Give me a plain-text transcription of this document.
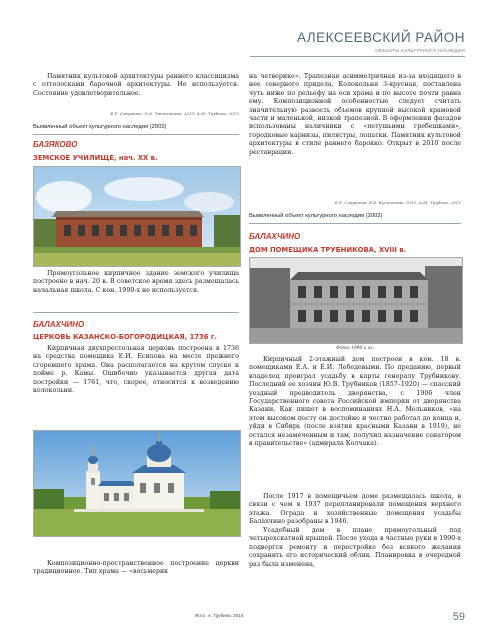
АЛЕКСЕЕВСКИЙ РАЙОН
ОБЪЕКТЫ КУЛЬТУРНОГО НАСЛЕДИЯ

Памятник культовой архитектуры раннего классицизма с отголосками барочной архитектуры. Не используется. Состояние удовлетворительное.

Е.Р. Смирнова, Э.О. Третьякова, 2015; А.М. Трубина, 2015
Выявленный объект культурного наследия (2002)
БАЗЯКОВО
ЗЕМСКОЕ УЧИЛИЩЕ, нач. XX в.

Прямоугольное кирпичное здание земского училища построено в нач. 20 в. В советское время здесь размещалась начальная школа. С кон. 1990-х не используется.

БАЛАХЧИНО
ЦЕРКОВЬ КАЗАНСКО-БОГОРОДИЦКАЯ, 1736 г.

Кирпичная двухпрестольная церковь построена в 1736 на средства помещика Е.И. Есипова на месте прежнего сгоревшего храма. Она располагается на крутом спуске к пойме р. Камы. Ошибочно указывается другая дата постройки — 1761, что, скорее, относится к возведению колокольни.

Композиционно-пространственное построение церкви традиционное. Тип храма — «восьмерик

на четверике». Трапезная асимметричная из-за входящего в нее северного придела. Колокольня 3-ярусная, поставлена чуть ниже по рельефу на оси храма и по высоте почти равна ему. Композиционной особенностью следует считать значительную разность объемов крупной высокой храмовой части и маленькой, низкой трапезной. В оформлении фасадов использованы наличники с «петушьими гребешками», городковые карнизы, пилястры, лопатки. Памятник культовой архитектуры в стиле раннего барокко. Открыт в 2010 после реставрации.

Е.Р. Смирнова, Е.Е. Кустинова, 2015; А.М. Трубина, 2015
Выявленный объект культурного наследия (2002)
БАЛАХЧИНО
ДОМ ПОМЕЩИКА ТРУБНИКОВА, XVIII в.
Фото 1990-х гг.

Кирпичный 2-этажный дом построен в кон. 18 в. помещиками Е.А. и Е.И. Лебедевыми. По преданию, первый владелец проиграл усадьбу в карты генералу Трубникову. Последний ее хозяин Ю.В. Трубников (1857–1920) — спасский уездный предводитель дворянства, с 1906 член Государственного совета Российской империи от дворянства Казани. Как пишет в воспоминаниях Н.А. Мельников, «на этом высоком посту он достойно и честно работал до конца и, уйдя в Сибирь (после взятия красными Казани в 1919), не остался незамеченным и там, получил назначение сенатором в правительстве» (адмирала Колчака).

После 1917 в помещичьем доме размещалась школа, в связи с чем в 1937 перепланировали помещения верхнего этажа. Ограда и хозяйственные помещения усадьбы Балахчино разобраны в 1946.

Усадебный дом в плане прямоугольный под четырехскатной крышей. После ухода в частные руки в 1990-х подвергся ремонту и перестройке без всякого желания сохранить его исторический облик. Планировка в очередной раз была изменена,

Фото: А. Трубина, 2015	59
